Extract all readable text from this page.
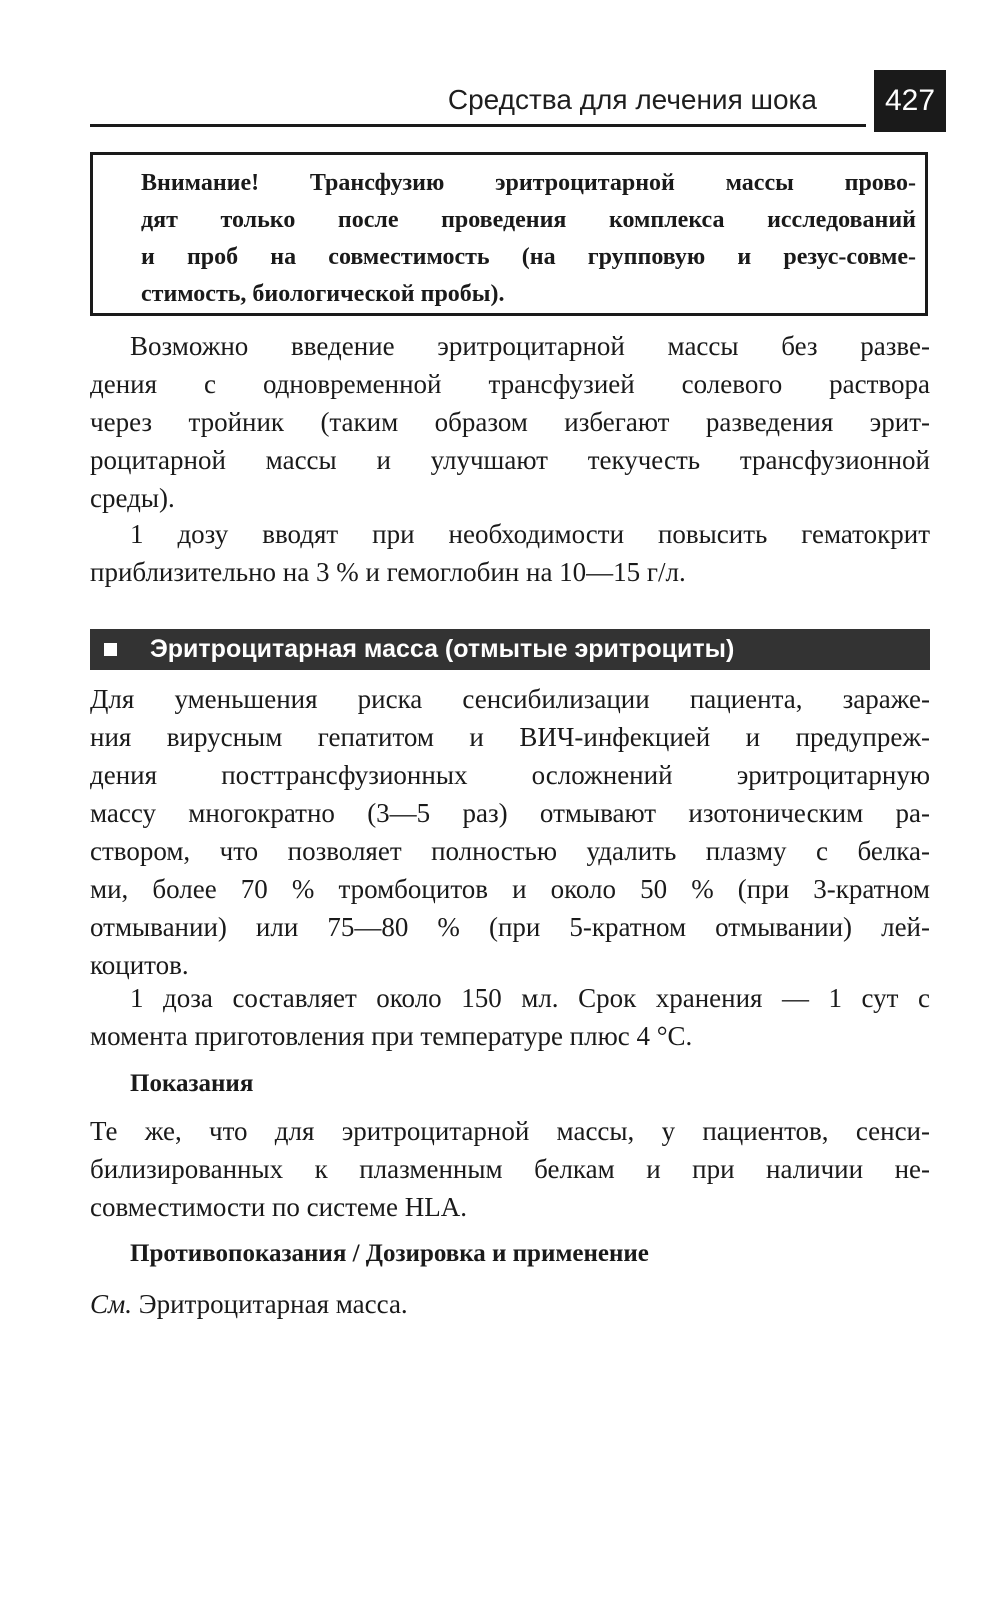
Средства для лечения шока	427
Внимание! Трансфузию эритроцитарной массы прово-
дят только после проведения комплекса исследований
и проб на совместимость (на групповую и резус-совме-
стимость, биологической пробы).
Возможно введение эритроцитарной массы без разве-
дения с одновременной трансфузией солевого раствора
через тройник (таким образом избегают разведения эрит-
роцитарной массы и улучшают текучесть трансфузионной
среды).
1 дозу вводят при необходимости повысить гематокрит
приблизительно на 3 % и гемоглобин на 10—15 г/л.
Эритроцитарная масса (отмытые эритроциты)
Для уменьшения риска сенсибилизации пациента, зараже-
ния вирусным гепатитом и ВИЧ-инфекцией и предупреж-
дения посттрансфузионных осложнений эритроцитарную
массу многократно (3—5 раз) отмывают изотоническим ра-
створом, что позволяет полностью удалить плазму с белка-
ми, более 70 % тромбоцитов и около 50 % (при 3-кратном
отмывании) или 75—80 % (при 5-кратном отмывании) лей-
коцитов.
1 доза составляет около 150 мл. Срок хранения — 1 сут с
момента приготовления при температуре плюс 4 °С.
Показания
Те же, что для эритроцитарной массы, у пациентов, сенси-
билизированных к плазменным белкам и при наличии не-
совместимости по системе HLA.
Противопоказания / Дозировка и применение
См. Эритроцитарная масса.
